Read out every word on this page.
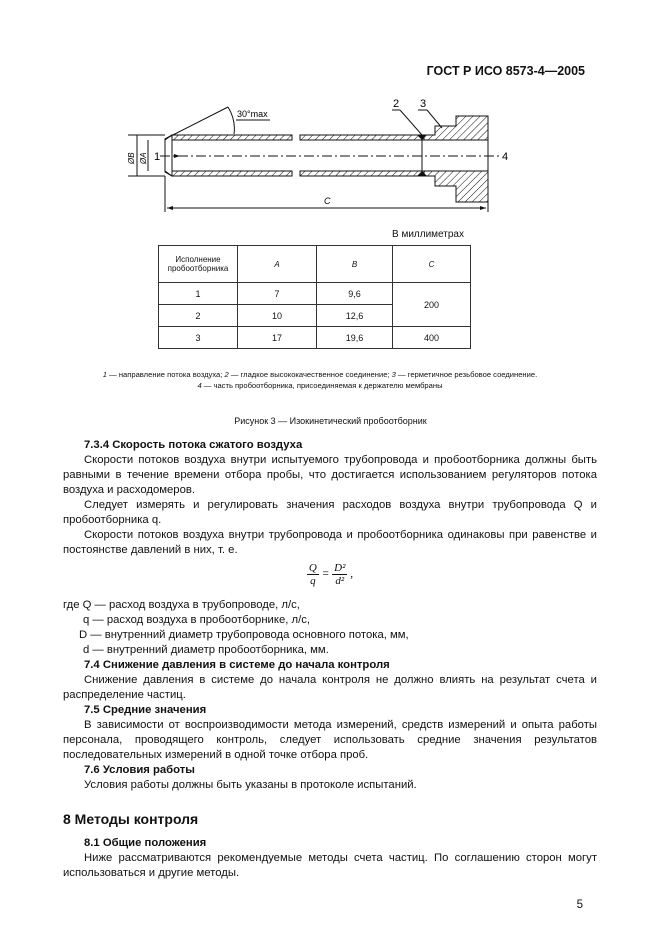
ГОСТ Р ИСО 8573-4—2005
30°max
ØB ØA 1	4
2 3
C
В миллиметрах
Исполнение пробоотборника	A	B	C
1	7	9,6	200
2	10	12,6	
3	17	19,6	400
1 — направление потока воздуха; 2 — гладкое высококачественное соединение; 3 — герметичное резьбовое соединение.
4 — часть пробоотборника, присоединяемая к держателю мембраны
Рисунок 3 — Изокинетический пробоотборник
7.3.4 Скорость потока сжатого воздуха

Скорости потоков воздуха внутри испытуемого трубопровода и пробоотборника должны быть равными в течение времени отбора пробы, что достигается использованием регуляторов потока воздуха и расходомеров.

Следует измерять и регулировать значения расходов воздуха внутри трубопровода Q и пробоотборника q.

Скорости потоков воздуха внутри трубопровода и пробоотборника одинаковы при равенстве и постоянстве давлений в них, т. е.

$\frac{Q}{q} = \frac{\text{D²}}{\text{d²}}$ ,
где Q — расход воздуха в трубопроводе, л/с,
q — расход воздуха в пробоотборнике, л/с,
D — внутренний диаметр трубопровода основного потока, мм,
d — внутренний диаметр пробоотборника, мм.
7.4 Снижение давления в системе до начала контроля

Снижение давления в системе до начала контроля не должно влиять на результат счета и распределение частиц.

7.5 Средние значения

В зависимости от воспроизводимости метода измерений, средств измерений и опыта работы персонала, проводящего контроль, следует использовать средние значения результатов последовательных измерений в одной точке отбора проб.

7.6 Условия работы

Условия работы должны быть указаны в протоколе испытаний.

8 Методы контроля
8.1 Общие положения

Ниже рассматриваются рекомендуемые методы счета частиц. По соглашению сторон могут использоваться и другие методы.

5
